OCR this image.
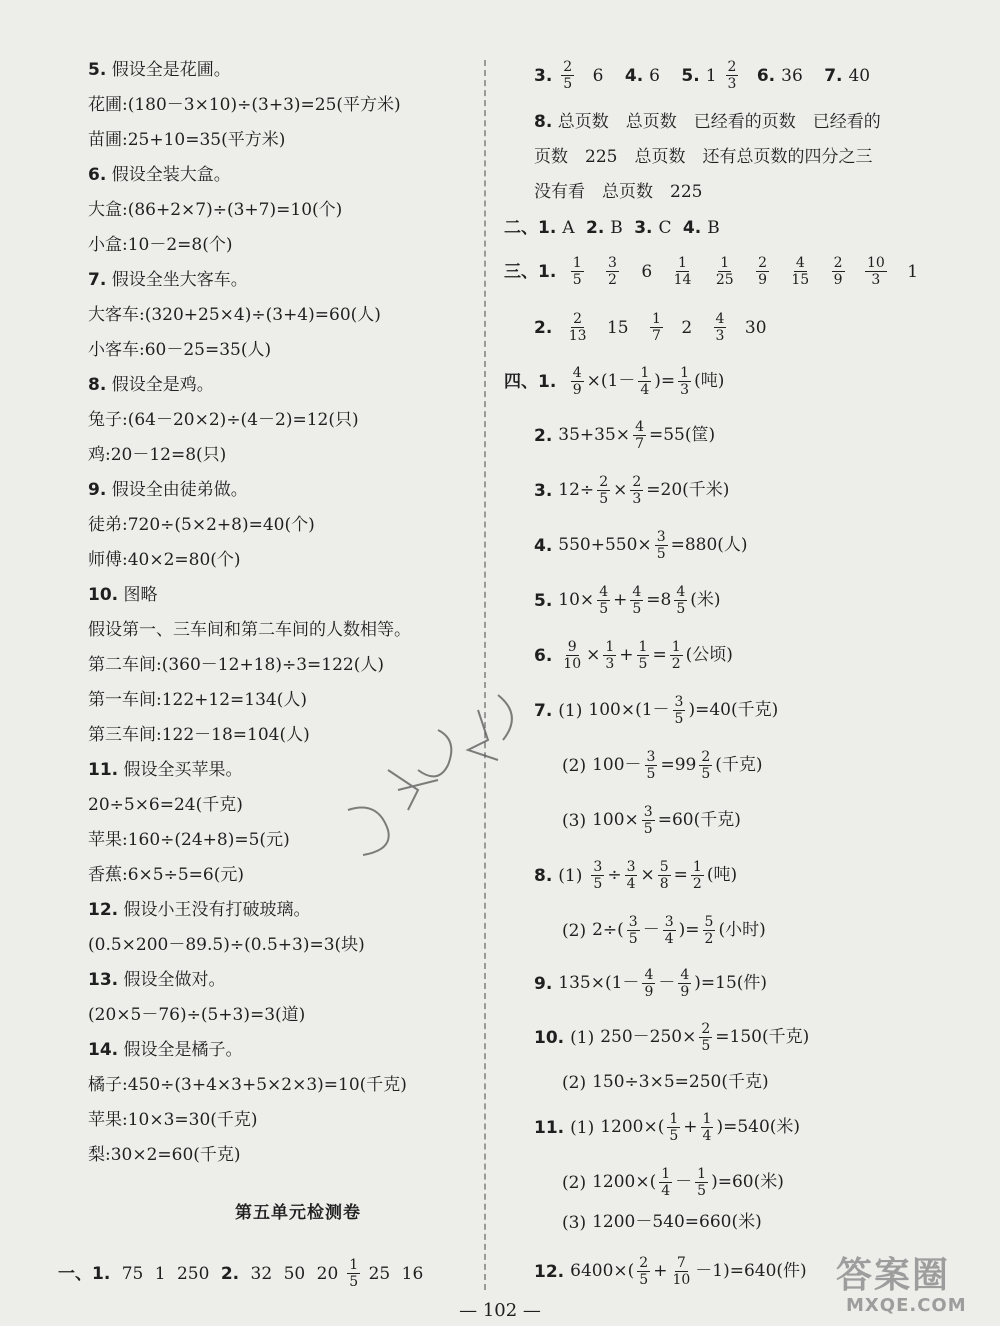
5. 假设全是花圃。
花圃:(180－3×10)÷(3+3)=25(平方米)
苗圃:25+10=35(平方米)
6. 假设全装大盒。
大盒:(86+2×7)÷(3+7)=10(个)
小盒:10－2=8(个)
7. 假设全坐大客车。
大客车:(320+25×4)÷(3+4)=60(人)
小客车:60－25=35(人)
8. 假设全是鸡。
兔子:(64－20×2)÷(4－2)=12(只)
鸡:20－12=8(只)
9. 假设全由徒弟做。
徒弟:720÷(5×2+8)=40(个)
师傅:40×2=80(个)
10. 图略
假设第一、三车间和第二车间的人数相等。
第二车间:(360－12+18)÷3=122(人)
第一车间:122+12=134(人)
第三车间:122－18=104(人)
11. 假设全买苹果。
20÷5×6=24(千克)
苹果:160÷(24+8)=5(元)
香蕉:6×5÷5=6(元)
12. 假设小王没有打破玻璃。
(0.5×200－89.5)÷(0.5+3)=3(块)
13. 假设全做对。
(20×5－76)÷(5+3)=3(道)
14. 假设全是橘子。
橘子:450÷(3+4×3+5×2×3)=10(千克)
苹果:10×3=30(千克)
梨:30×2=60(千克)
第五单元检测卷
一、1. 75 1 250 2. 32 50 $20 \frac{1}{5} 25$ 16
3. $\frac{2}{5} 6$ 4. 6 5. $1 \frac{2}{3} 6$. 36 7. 40
8. 总页数　总页数　已经看的页数　已经看的
页数　225　总页数　还有总页数的四分之三
没有看　总页数　225
二、1. A 2. B 3. C 4. B
三、1. $\frac{1}{5}$
$\frac{3}{2} 6 \frac{1}{14}$
$\frac{1}{25}$
$\frac{2}{9}$
$\frac{4}{15}$
$\frac{2}{9}$
$\frac{10}{3} 1$
2. $\frac{2}{13} 15 \frac{1}{7} 2 \frac{4}{3} 30$
四、1. $\frac{4}{9} \times(1- \frac{1}{4}$ )= $\frac{1}{3}$ (吨)
2. $35+35\times \frac{4}{7} =55$(筐)
3. $12\div \frac{2}{5} \times \frac{2}{3} =20$(千米)
4. $550+550\times \frac{3}{5} =880$(人)
5. $10\times \frac{4}{5} + \frac{4}{5} =8 \frac{4}{5}$ (米)
6. $\frac{9}{10} \times \frac{1}{3} + \frac{1}{5} = \frac{1}{2}$ (公顷)
7. (1) $100\times(1- \frac{3}{5} )=40$(千克)
(2) $100- \frac{3}{5} =99 \frac{2}{5}$ (千克)
(3) $100\times \frac{3}{5} =60$(千克)
8. $(1) \frac{3}{5} \div \frac{3}{4} \times \frac{5}{8} = \frac{1}{2}$ (吨)
(2) $2\div( \frac{3}{5} - \frac{3}{4}$ )= $\frac{5}{2}$ (小时)
9. $135\times(1- \frac{4}{9} - \frac{4}{9} )=15$(件)
10. (1) $250-250\times \frac{2}{5} =150$(千克)
(2) 150÷3×5=250(千克)
11. (1) $1200\times( \frac{1}{5} + \frac{1}{4} )=540$(米)
(2) $1200\times( \frac{1}{4} - \frac{1}{5} )=60$(米)
(3) 1200－540=660(米)
12. $6400\times( \frac{2}{5} + \frac{7}{10} -1)=640$(件)
— 102 —
答案圈
MXQE.COM
